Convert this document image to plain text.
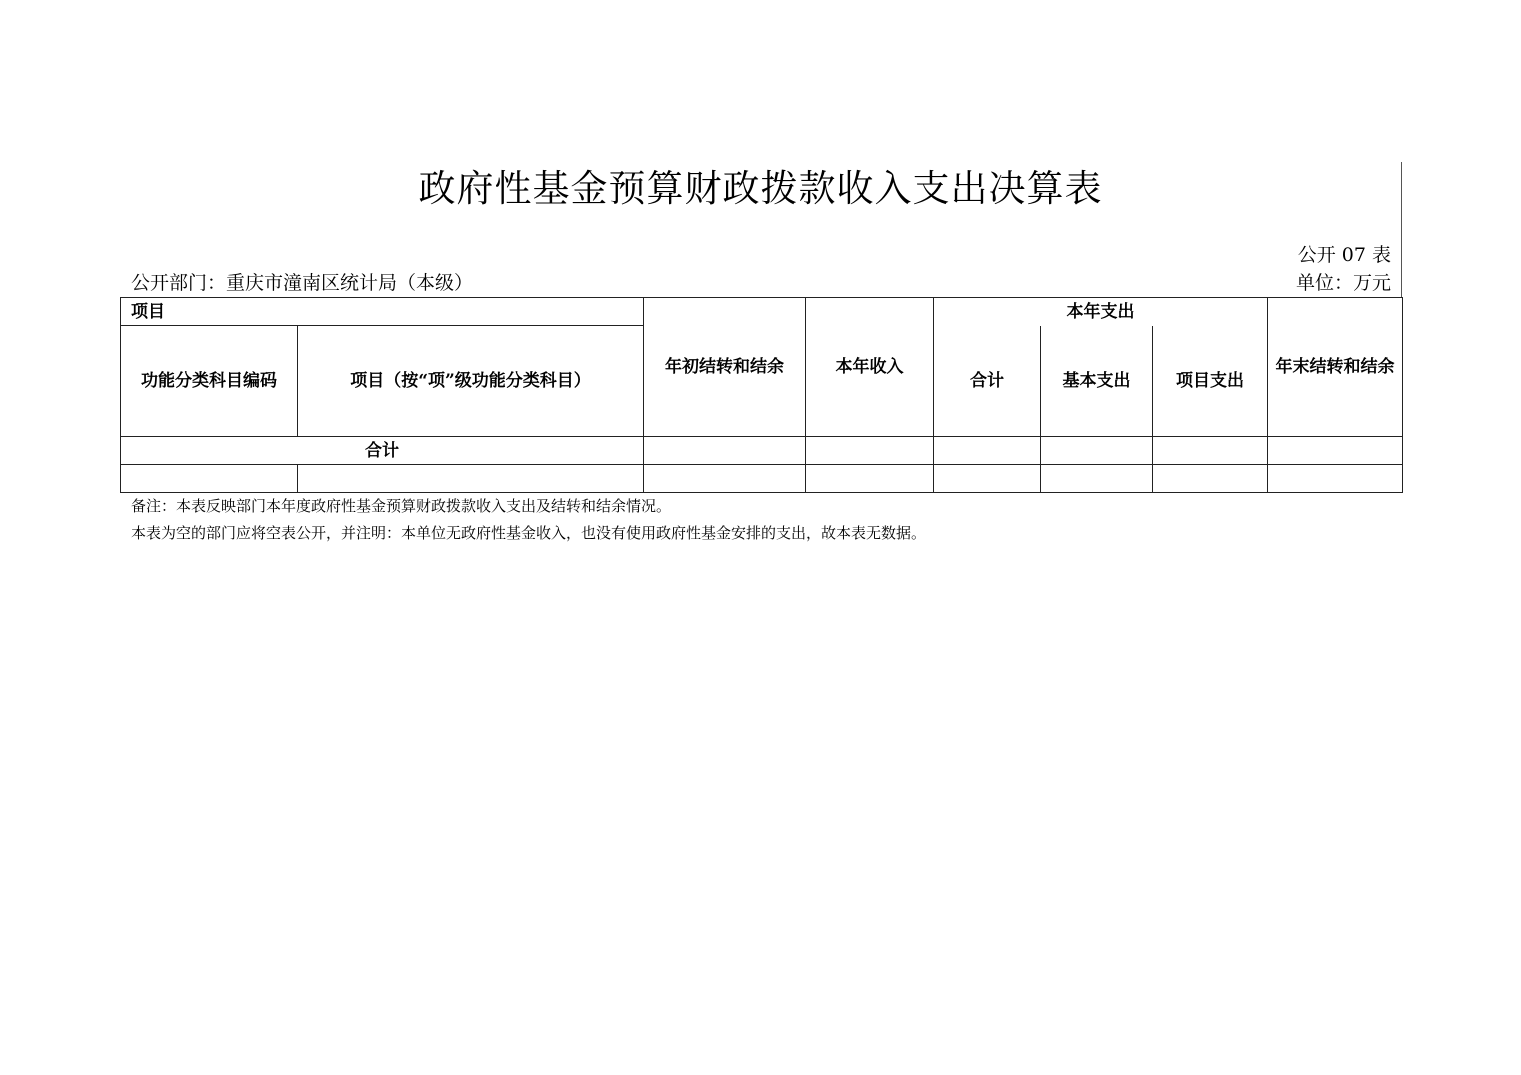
政府性基金预算财政拨款收入支出决算表
公开 07 表
公开部门：重庆市潼南区统计局（本级）	单位：万元
项目		年初结转和结余	本年收入	本年支出			年末结转和结余
功能分类科目编码	项目（按“项”级功能分类科目）			合计	基本支出	项目支出	
合计							

备注：本表反映部门本年度政府性基金预算财政拨款收入支出及结转和结余情况。
本表为空的部门应将空表公开，并注明：本单位无政府性基金收入，也没有使用政府性基金安排的支出，故本表无数据。
